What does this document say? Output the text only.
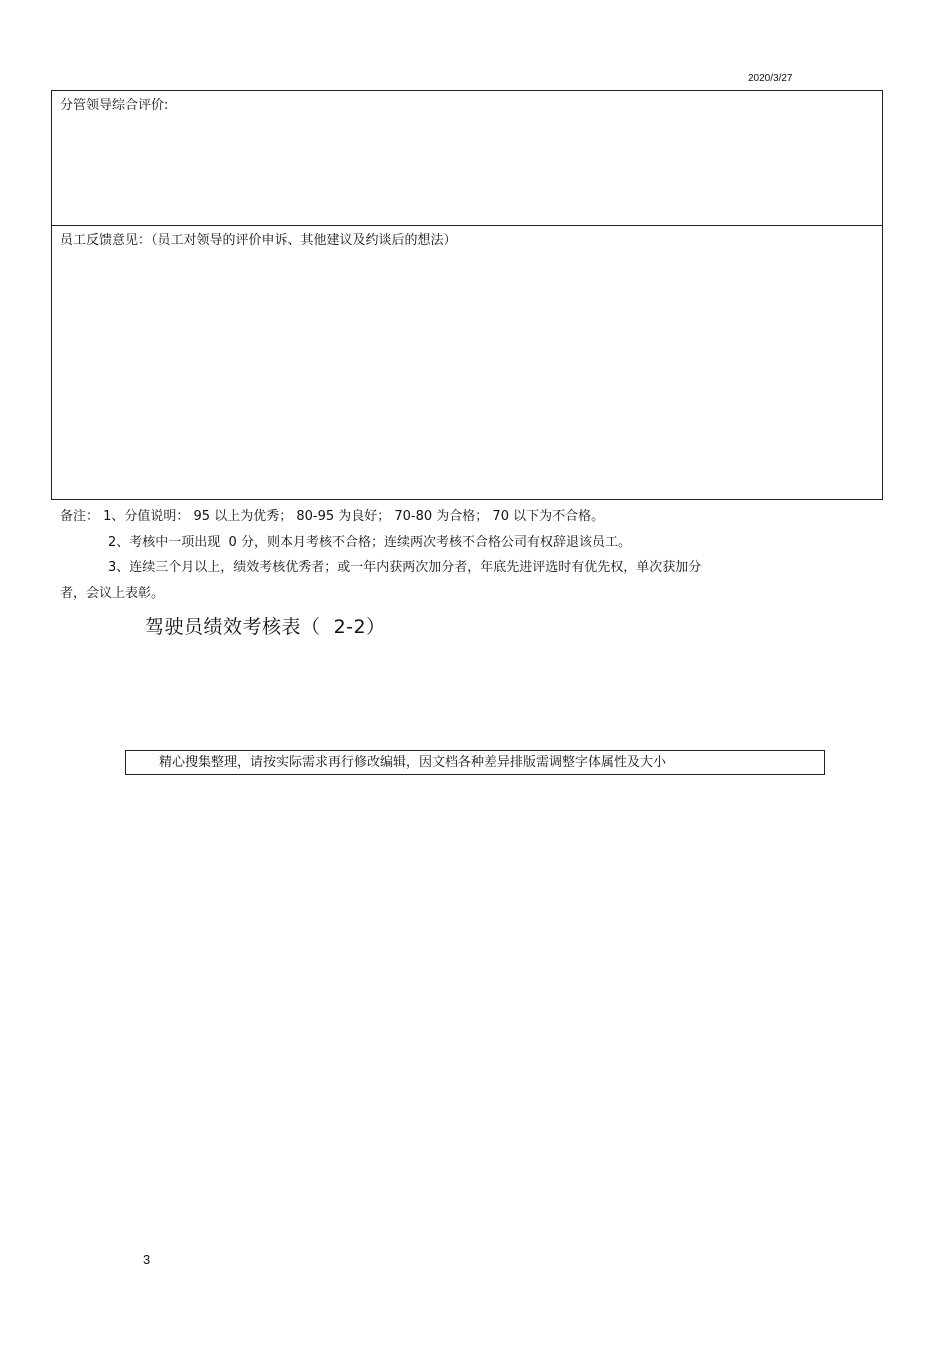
2020/3/27
分管领导综合评价:
员工反馈意见：（员工对领导的评价申诉、其他建议及约谈后的想法）
备注： 1、分值说明： 95 以上为优秀； 80-95 为良好； 70-80 为合格； 70 以下为不合格。
2、考核中一项出现  0 分，则本月考核不合格；连续两次考核不合格公司有权辞退该员工。
3、连续三个月以上，绩效考核优秀者；或一年内获两次加分者，年底先进评选时有优先权，单次获加分
者，会议上表彰。
驾驶员绩效考核表（  2-2）
精心搜集整理，请按实际需求再行修改编辑，因文档各种差异排版需调整字体属性及大小
3
